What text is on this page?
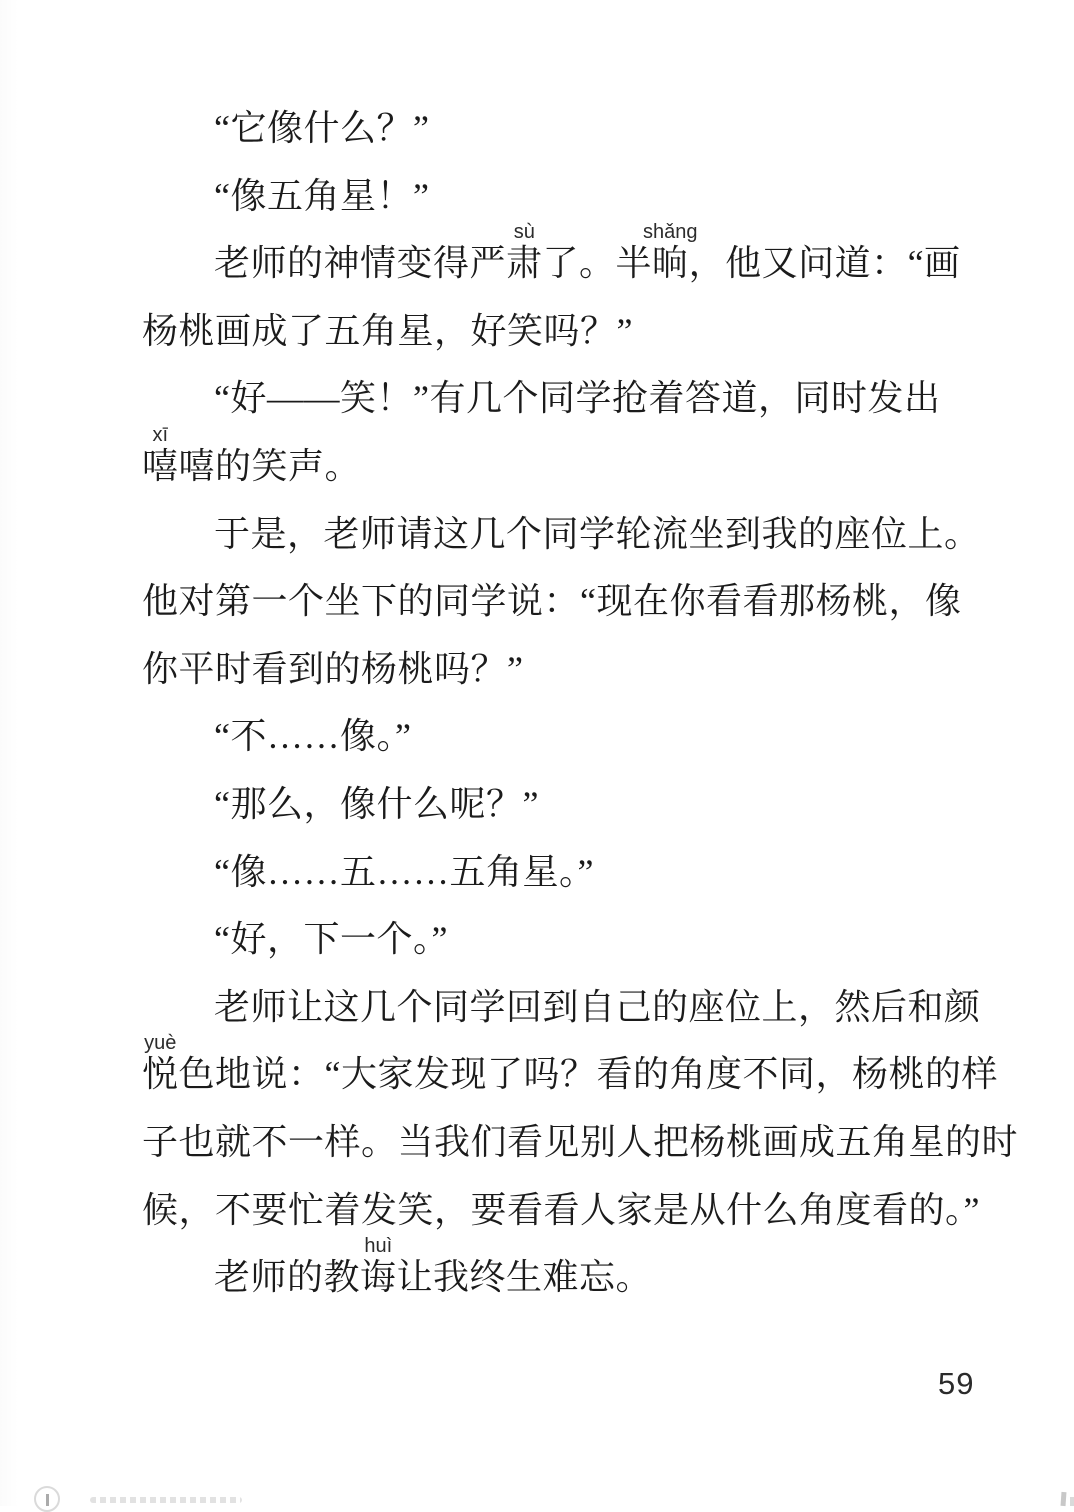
“它像什么？”

“像五角星！”

老师的神情变得严
sù
肃了。半
shǎng
晌，他又问道：“画

杨桃画成了五角星，好笑吗？”

“好——笑！”有几个同学抢着答道，同时发出

xī
嘻嘻的笑声。

于是，老师请这几个同学轮流坐到我的座位上。

他对第一个坐下的同学说：“现在你看看那杨桃，像

你平时看到的杨桃吗？”

“不……像。”

“那么，像什么呢？”

“像……五……五角星。”

“好，下一个。”

老师让这几个同学回到自己的座位上，然后和颜

yuè
悦色地说：“大家发现了吗？看的角度不同，杨桃的样

子也就不一样。当我们看见别人把杨桃画成五角星的时

候，不要忙着发笑，要看看人家是从什么角度看的。”

老师的教
huì
诲让我终生难忘。

59
